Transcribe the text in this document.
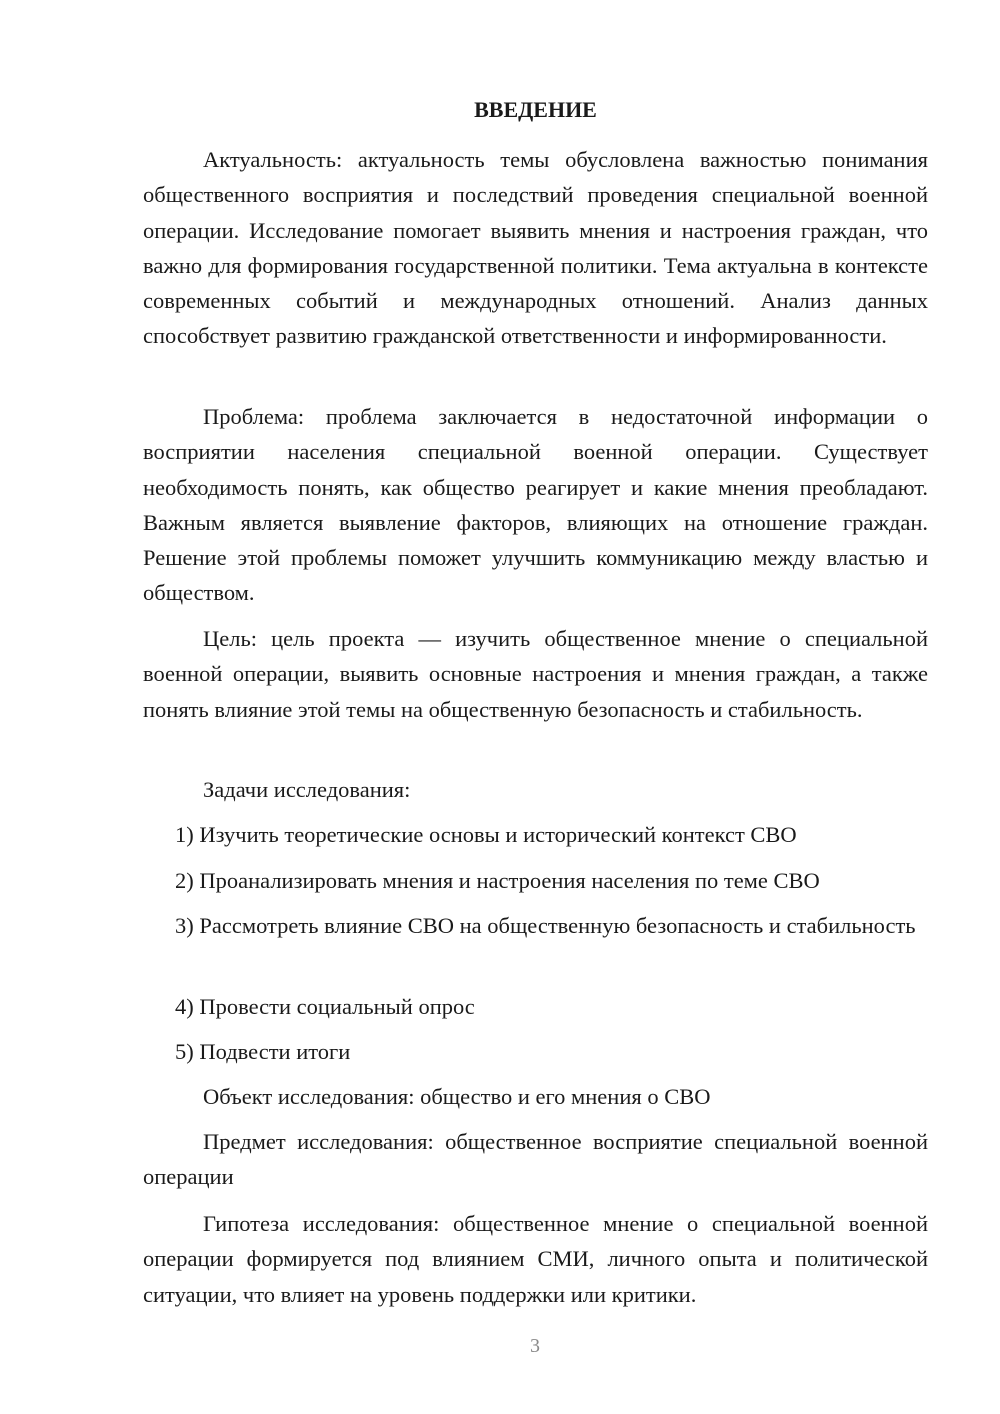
ВВЕДЕНИЕ

Актуальность: актуальность темы обусловлена важностью понимания общественного восприятия и последствий проведения специальной военной операции. Исследование помогает выявить мнения и настроения граждан, что важно для формирования государственной политики. Тема актуальна в контексте современных событий и международных отношений. Анализ данных способствует развитию гражданской ответственности и информированности.

Проблема: проблема заключается в недостаточной информации о восприятии населения специальной военной операции. Существует необходимость понять, как общество реагирует и какие мнения преобладают. Важным является выявление факторов, влияющих на отношение граждан. Решение этой проблемы поможет улучшить коммуникацию между властью и обществом.

Цель: цель проекта — изучить общественное мнение о специальной военной операции, выявить основные настроения и мнения граждан, а также понять влияние этой темы на общественную безопасность и стабильность.

Задачи исследования:

1) Изучить теоретические основы и исторический контекст СВО

2) Проанализировать мнения и настроения населения по теме СВО

3) Рассмотреть влияние СВО на общественную безопасность и стабильность

4) Провести социальный опрос

5) Подвести итоги

Объект исследования: общество и его мнения о СВО

Предмет исследования: общественное восприятие специальной военной операции

Гипотеза исследования: общественное мнение о специальной военной операции формируется под влиянием СМИ, личного опыта и политической ситуации, что влияет на уровень поддержки или критики.

3
